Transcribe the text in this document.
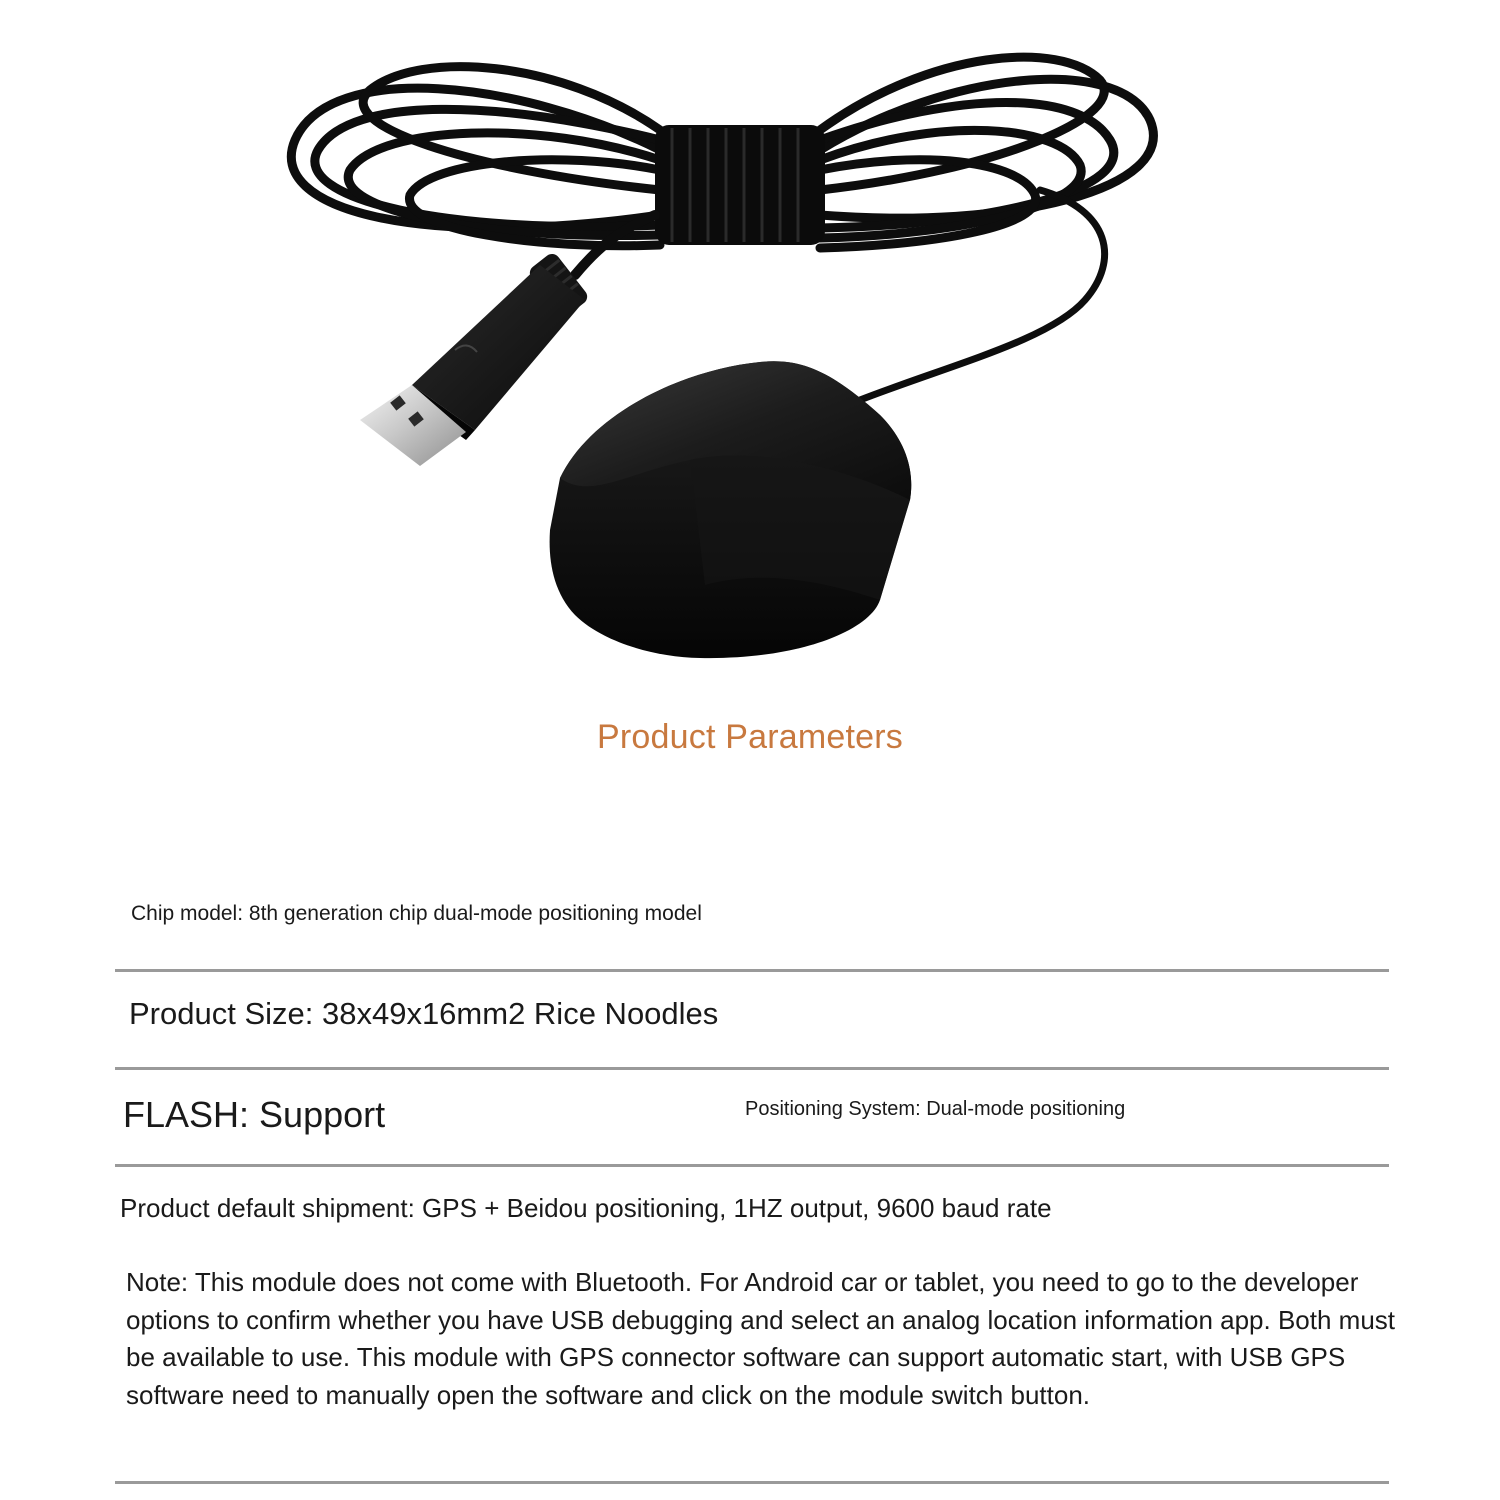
Product Parameters
Chip model: 8th generation chip dual-mode positioning model
Product Size: 38x49x16mm2 Rice Noodles
FLASH: Support	Positioning System: Dual-mode positioning
Product default shipment: GPS + Beidou positioning, 1HZ output, 9600 baud rate
Note: This module does not come with Bluetooth. For Android car or tablet, you need to go to the developer options to confirm whether you have USB debugging and select an analog location information app. Both must be available to use. This module with GPS connector software can support automatic start, with USB GPS software need to manually open the software and click on the module switch button.
